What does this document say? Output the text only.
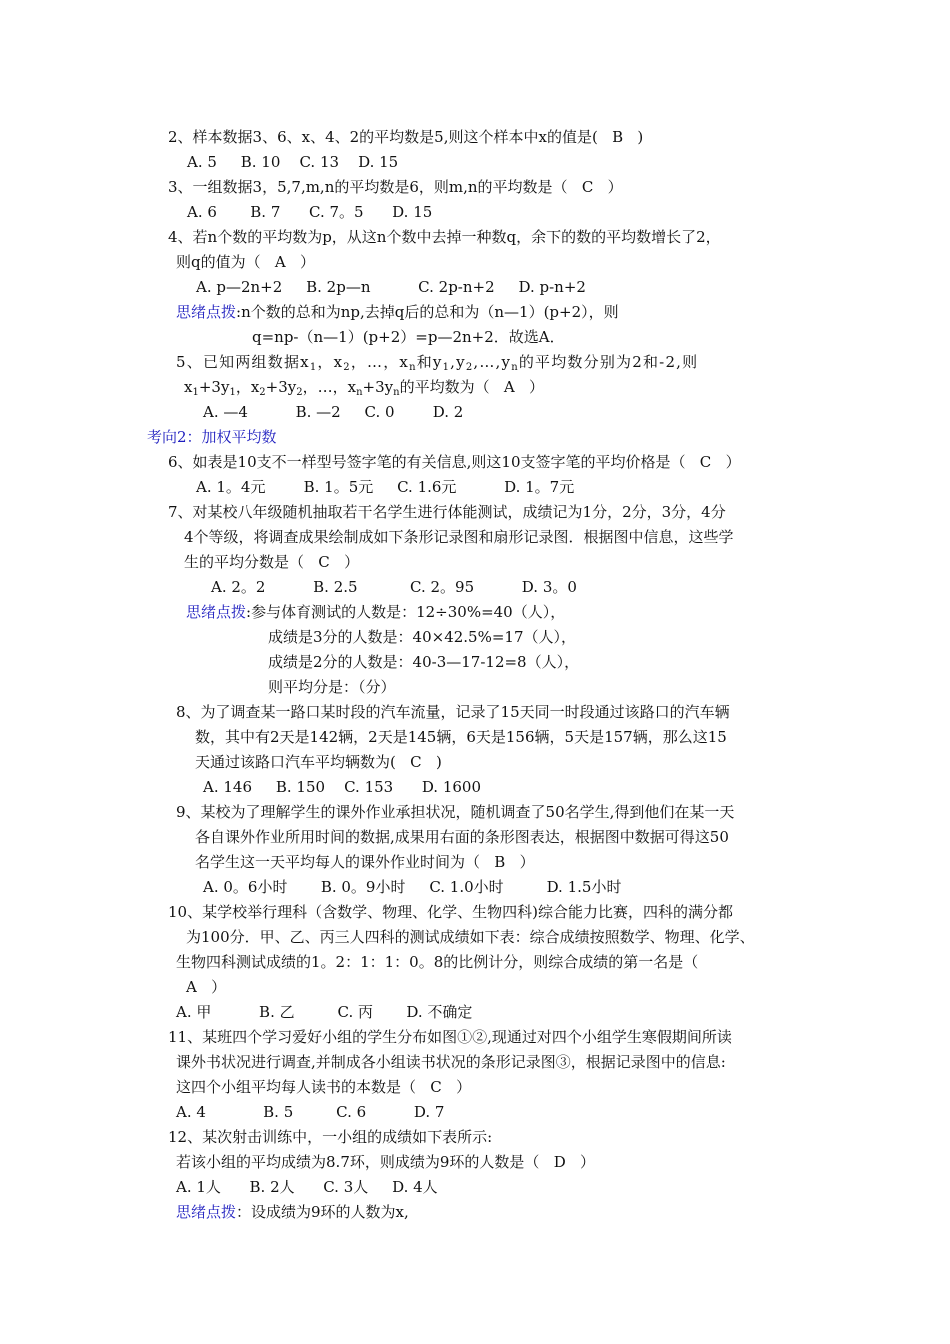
2、样本数据3、6、x、4、2的平均数是5,则这个样本中x的值是(   B   )
A. 5     B. 10    C. 13    D. 15
3、一组数据3，5,7,m,n的平均数是6，则m,n的平均数是（   C   ）
A. 6       B. 7      C. 7。5      D. 15
4、若n个数的平均数为p，从这n个数中去掉一种数q，余下的数的平均数增长了2，
则q的值为（   A   ）
A. p—2n+2     B. 2p—n          C. 2p-n+2     D. p-n+2
思绪点拨:n个数的总和为np,去掉q后的总和为（n—1）(p+2），则
q=np-（n—1）(p+2）=p—2n+2．故选A．
5、已知两组数据$x_1$，$x_2$，…，$x_n$和$y_1,y_2,\dots,y_n$的平均数分别为2和-2,则
$x_1+3y_1$，$x_2+3y_2$，…，$x_n+3y_n$的平均数为（   A   ）
A. —4          B. —2     C. 0        D. 2
考向2：加权平均数
6、如表是10支不一样型号签字笔的有关信息,则这10支签字笔的平均价格是（   C   ）
A. 1。4元        B. 1。5元     C. 1.6元          D. 1。7元
7、对某校八年级随机抽取若干名学生进行体能测试，成绩记为1分，2分，3分，4分
4个等级，将调查成果绘制成如下条形记录图和扇形记录图．根据图中信息，这些学
生的平均分数是（   C   ）
A. 2。2          B. 2.5           C. 2。95          D. 3。0
思绪点拨:参与体育测试的人数是：12÷30%=40（人），
成绩是3分的人数是：40×42.5%=17（人），
成绩是2分的人数是：40-3—17-12=8（人），
则平均分是：（分）
8、为了调查某一路口某时段的汽车流量，记录了15天同一时段通过该路口的汽车辆
数，其中有2天是142辆，2天是145辆，6天是156辆，5天是157辆，那么这15
天通过该路口汽车平均辆数为(   C   )
A. 146     B. 150    C. 153      D. 1600
9、某校为了理解学生的课外作业承担状况，随机调查了50名学生,得到他们在某一天
各自课外作业所用时间的数据,成果用右面的条形图表达，根据图中数据可得这50
名学生这一天平均每人的课外作业时间为（   B   ）
A. 0。6小时       B. 0。9小时     C. 1.0小时         D. 1.5小时
10、某学校举行理科（含数学、物理、化学、生物四科)综合能力比赛，四科的满分都
为100分．甲、乙、丙三人四科的测试成绩如下表：综合成绩按照数学、物理、化学、
生物四科测试成绩的1。2：1：1：0。8的比例计分，则综合成绩的第一名是（
A   ）
A. 甲          B. 乙         C. 丙       D. 不确定
11、某班四个学习爱好小组的学生分布如图①②,现通过对四个小组学生寒假期间所读
课外书状况进行调查,并制成各小组读书状况的条形记录图③，根据记录图中的信息:
这四个小组平均每人读书的本数是（   C   ）
A. 4            B. 5         C. 6          D. 7
12、某次射击训练中，一小组的成绩如下表所示:
若该小组的平均成绩为8.7环，则成绩为9环的人数是（   D   ）
A. 1人      B. 2人      C. 3人     D. 4人
思绪点拨：设成绩为9环的人数为x,
